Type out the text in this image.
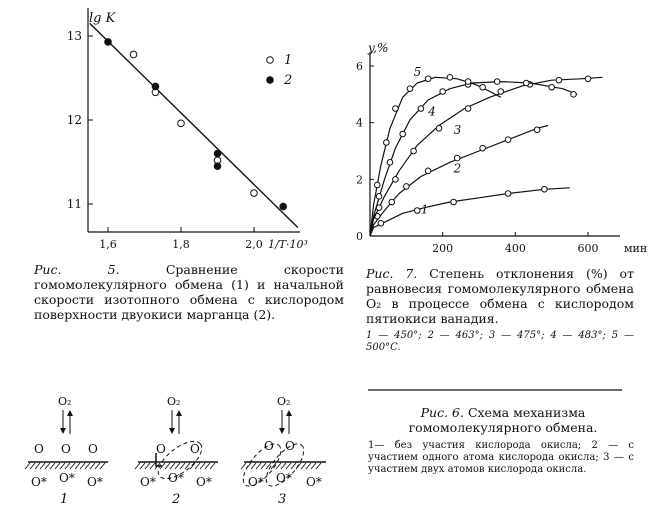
lg K
1/T·10³
1,6	1,8	2,0
13
12
11
1
2
y,%
мин
200	400	600
0
2
4
6
1
2
3
4
5
O₂
O O O
O* O* O*
1
O₂
O O
O* O* O*
2
O₂
O O
O* O* O*
3
Рис. 5.	Сравнение скорости гомомолекулярного обмена (1) и начальной скорости изотопного обмена с кислородом поверхности двуокиси марганца (2).
Рис. 7. Степень отклонения (%) от равновесия гомомолекулярного обмена O₂ в процессе обмена с кислородом пятиокиси ванадия.
1 — 450°; 2 — 463°; 3 — 475°; 4 — 483°; 5 — 500°C.
Рис. 6. Схема механизма гомомолекулярного обмена.
1— без участия кислорода окисла; 2 — с участием одного атома кислорода окисла; 3 — с участием двух атомов кислорода окисла.
